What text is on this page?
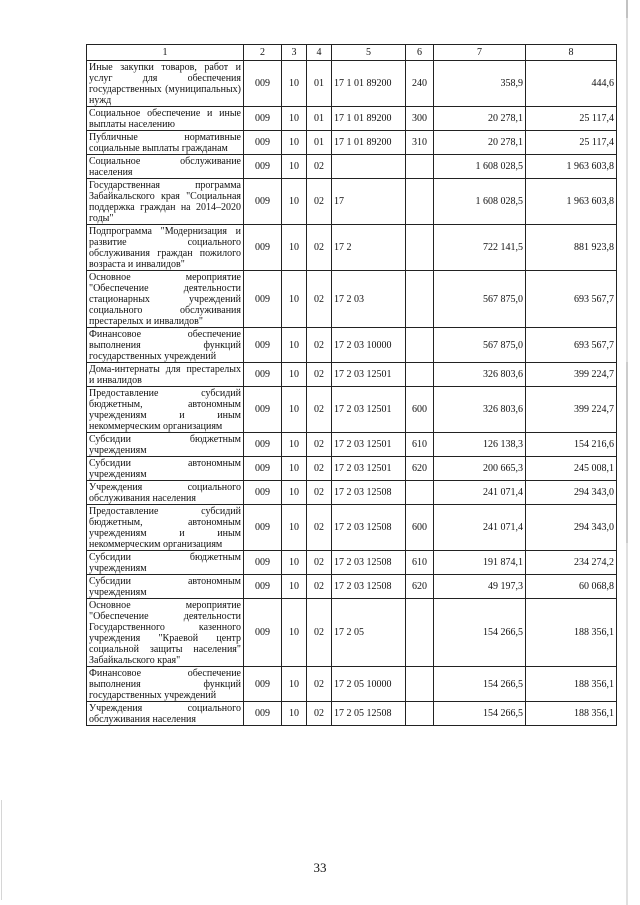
1	2	3	4	5	6	7	8
Иные закупки товаров, работ и услуг для обеспечения государственных (муниципальных) нужд	009	10	01	17 1 01 89200	240	358,9	444,6
Социальное обеспечение и иные выплаты населению	009	10	01	17 1 01 89200	300	20 278,1	25 117,4
Публичные нормативные социальные выплаты гражданам	009	10	01	17 1 01 89200	310	20 278,1	25 117,4
Социальное обслуживание населения	009	10	02			1 608 028,5	1 963 603,8
Государственная программа Забайкальского края "Социальная поддержка граждан на 2014–2020 годы"	009	10	02	17		1 608 028,5	1 963 603,8
Подпрограмма "Модернизация и развитие социального обслуживания граждан пожилого возраста и инвалидов"	009	10	02	17 2		722 141,5	881 923,8
Основное мероприятие "Обеспечение деятельности стационарных учреждений социального обслуживания престарелых и инвалидов"	009	10	02	17 2 03		567 875,0	693 567,7
Финансовое обеспечение выполнения функций государственных учреждений	009	10	02	17 2 03 10000		567 875,0	693 567,7
Дома-интернаты для престарелых и инвалидов	009	10	02	17 2 03 12501		326 803,6	399 224,7
Предоставление субсидий бюджетным, автономным учреждениям и иным некоммерческим организациям	009	10	02	17 2 03 12501	600	326 803,6	399 224,7
Субсидии бюджетным учреждениям	009	10	02	17 2 03 12501	610	126 138,3	154 216,6
Субсидии автономным учреждениям	009	10	02	17 2 03 12501	620	200 665,3	245 008,1
Учреждения социального обслуживания населения	009	10	02	17 2 03 12508		241 071,4	294 343,0
Предоставление субсидий бюджетным, автономным учреждениям и иным некоммерческим организациям	009	10	02	17 2 03 12508	600	241 071,4	294 343,0
Субсидии бюджетным учреждениям	009	10	02	17 2 03 12508	610	191 874,1	234 274,2
Субсидии автономным учреждениям	009	10	02	17 2 03 12508	620	49 197,3	60 068,8
Основное мероприятие "Обеспечение деятельности Государственного казенного учреждения "Краевой центр социальной защиты населения" Забайкальского края"	009	10	02	17 2 05		154 266,5	188 356,1
Финансовое обеспечение выполнения функций государственных учреждений	009	10	02	17 2 05 10000		154 266,5	188 356,1
Учреждения социального обслуживания населения	009	10	02	17 2 05 12508		154 266,5	188 356,1
33
